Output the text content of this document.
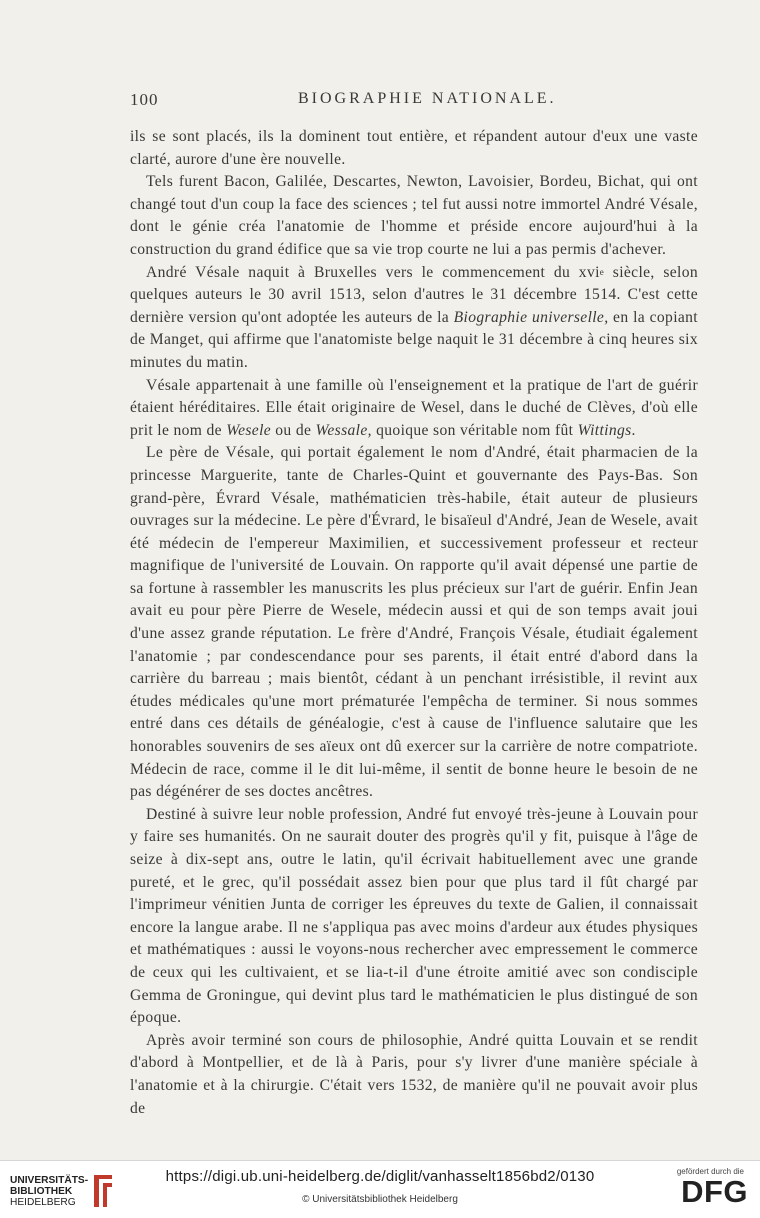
100	BIOGRAPHIE NATIONALE.

ils se sont placés, ils la dominent tout entière, et répandent autour d'eux une vaste clarté, aurore d'une ère nouvelle.

Tels furent Bacon, Galilée, Descartes, Newton, Lavoisier, Bordeu, Bichat, qui ont changé tout d'un coup la face des sciences ; tel fut aussi notre immortel André Vésale, dont le génie créa l'anatomie de l'homme et préside encore aujourd'hui à la construction du grand édifice que sa vie trop courte ne lui a pas permis d'achever.

André Vésale naquit à Bruxelles vers le commencement du xvi$^e$ siècle, selon quelques auteurs le 30 avril 1513, selon d'autres le 31 décembre 1514. C'est cette dernière version qu'ont adoptée les auteurs de la Biographie universelle, en la copiant de Manget, qui affirme que l'anatomiste belge naquit le 31 décembre à cinq heures six minutes du matin.

Vésale appartenait à une famille où l'enseignement et la pratique de l'art de guérir étaient héréditaires. Elle était originaire de Wesel, dans le duché de Clèves, d'où elle prit le nom de Wesele ou de Wessale, quoique son véritable nom fût Wittings.

Le père de Vésale, qui portait également le nom d'André, était pharmacien de la princesse Marguerite, tante de Charles-Quint et gouvernante des Pays-Bas. Son grand-père, Évrard Vésale, mathématicien très-habile, était auteur de plusieurs ouvrages sur la médecine. Le père d'Évrard, le bisaïeul d'André, Jean de Wesele, avait été médecin de l'empereur Maximilien, et successivement professeur et recteur magnifique de l'université de Louvain. On rapporte qu'il avait dépensé une partie de sa fortune à rassembler les manuscrits les plus précieux sur l'art de guérir. Enfin Jean avait eu pour père Pierre de Wesele, médecin aussi et qui de son temps avait joui d'une assez grande réputation. Le frère d'André, François Vésale, étudiait également l'anatomie ; par condescendance pour ses parents, il était entré d'abord dans la carrière du barreau ; mais bientôt, cédant à un penchant irrésistible, il revint aux études médicales qu'une mort prématurée l'empêcha de terminer. Si nous sommes entré dans ces détails de généalogie, c'est à cause de l'influence salutaire que les honorables souvenirs de ses aïeux ont dû exercer sur la carrière de notre compatriote. Médecin de race, comme il le dit lui-même, il sentit de bonne heure le besoin de ne pas dégénérer de ses doctes ancêtres.

Destiné à suivre leur noble profession, André fut envoyé très-jeune à Louvain pour y faire ses humanités. On ne saurait douter des progrès qu'il y fit, puisque à l'âge de seize à dix-sept ans, outre le latin, qu'il écrivait habituellement avec une grande pureté, et le grec, qu'il possédait assez bien pour que plus tard il fût chargé par l'imprimeur vénitien Junta de corriger les épreuves du texte de Galien, il connaissait encore la langue arabe. Il ne s'appliqua pas avec moins d'ardeur aux études physiques et mathématiques : aussi le voyons-nous rechercher avec empressement le commerce de ceux qui les cultivaient, et se lia-t-il d'une étroite amitié avec son condisciple Gemma de Groningue, qui devint plus tard le mathématicien le plus distingué de son époque.

Après avoir terminé son cours de philosophie, André quitta Louvain et se rendit d'abord à Montpellier, et de là à Paris, pour s'y livrer d'une manière spéciale à l'anatomie et à la chirurgie. C'était vers 1532, de manière qu'il ne pouvait avoir plus de

UNIVERSITÄTS-
BIBLIOTHEK
HEIDELBERG
https://digi.ub.uni-heidelberg.de/diglit/vanhasselt1856bd2/0130
© Universitätsbibliothek Heidelberg
gefördert durch die
DFG
